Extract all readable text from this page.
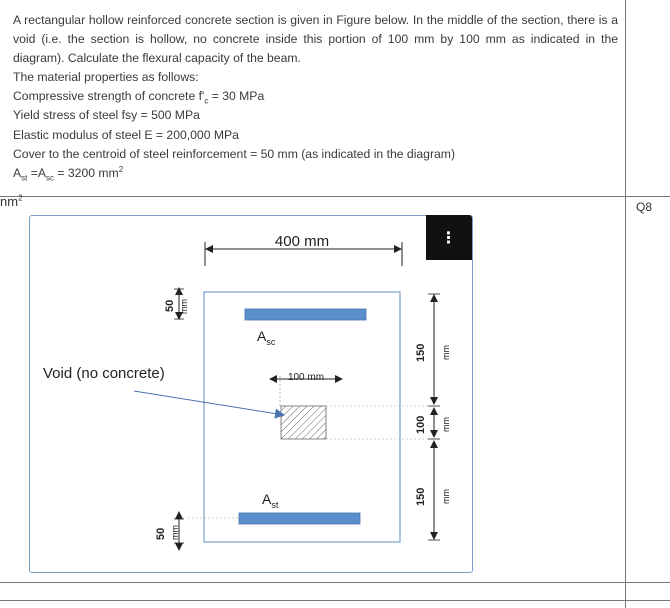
A rectangular hollow reinforced concrete section is given in Figure below. In the middle of the section, there is a void (i.e. the section is hollow, no concrete inside this portion of 100 mm by 100 mm as indicated in the diagram). Calculate the flexural capacity of the beam.

The material properties as follows:

Compressive strength of concrete $f'_c = 30$ MPa

Yield stress of steel fsy = 500 MPa

Elastic modulus of steel E = 200,000 MPa

Cover to the centroid of steel reinforcement = 50 mm (as indicated in the diagram)

$A_{st} =A_{sc} = 3200$ $mm^2$

$nm^2$
Q8
400 mm
$A_{sc}$
100 mm
Void (no concrete)
$A_{st}$
50 mm
50 mm
150 mm
100 mm
150 mm
⋮
